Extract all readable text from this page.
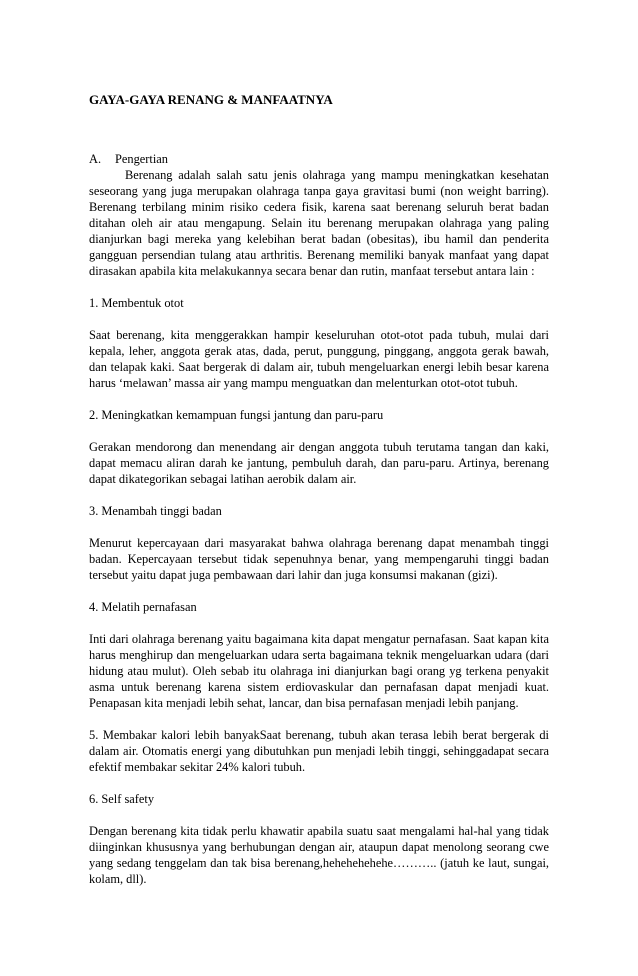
GAYA-GAYA RENANG & MANFAATNYA

A.	Pengertian

Berenang adalah salah satu jenis olahraga yang mampu meningkatkan kesehatan seseorang yang juga merupakan olahraga tanpa gaya gravitasi bumi (non weight barring). Berenang terbilang minim risiko cedera fisik, karena saat berenang seluruh berat badan ditahan oleh air atau mengapung. Selain itu berenang merupakan olahraga yang paling dianjurkan bagi mereka yang kelebihan berat badan (obesitas), ibu hamil dan penderita gangguan persendian tulang atau arthritis. Berenang memiliki banyak manfaat yang dapat dirasakan apabila kita melakukannya secara benar dan rutin, manfaat tersebut antara lain :

1. Membentuk otot

Saat berenang, kita menggerakkan hampir keseluruhan otot-otot pada tubuh, mulai dari kepala, leher, anggota gerak atas, dada, perut, punggung, pinggang, anggota gerak bawah, dan telapak kaki. Saat bergerak di dalam air, tubuh mengeluarkan energi lebih besar karena harus ‘melawan’ massa air yang mampu menguatkan dan melenturkan otot-otot tubuh.

2. Meningkatkan kemampuan fungsi jantung dan paru-paru

Gerakan mendorong dan menendang air dengan anggota tubuh terutama tangan dan kaki, dapat memacu aliran darah ke jantung, pembuluh darah, dan paru-paru. Artinya, berenang dapat dikategorikan sebagai latihan aerobik dalam air.

3. Menambah tinggi badan

Menurut kepercayaan dari masyarakat bahwa olahraga berenang dapat menambah tinggi badan. Kepercayaan tersebut tidak sepenuhnya benar, yang mempengaruhi tinggi badan tersebut yaitu dapat juga pembawaan dari lahir dan juga konsumsi makanan (gizi).

4. Melatih pernafasan

Inti dari olahraga berenang yaitu bagaimana kita dapat mengatur pernafasan. Saat kapan kita harus menghirup dan mengeluarkan udara serta bagaimana teknik mengeluarkan udara (dari hidung atau mulut). Oleh sebab itu olahraga ini dianjurkan bagi orang yg terkena penyakit asma untuk berenang karena sistem erdiovaskular dan pernafasan dapat menjadi kuat. Penapasan kita menjadi lebih sehat, lancar, dan bisa pernafasan menjadi lebih panjang.

5. Membakar kalori lebih banyakSaat berenang, tubuh akan terasa lebih berat bergerak di dalam air. Otomatis energi yang dibutuhkan pun menjadi lebih tinggi, sehinggadapat secara efektif membakar sekitar 24% kalori tubuh.

6. Self safety

Dengan berenang kita tidak perlu khawatir apabila suatu saat mengalami hal-hal yang tidak diinginkan khususnya yang berhubungan dengan air, ataupun dapat menolong seorang cwe yang sedang tenggelam dan tak bisa berenang,hehehehehehe……….. (jatuh ke laut, sungai, kolam, dll).
